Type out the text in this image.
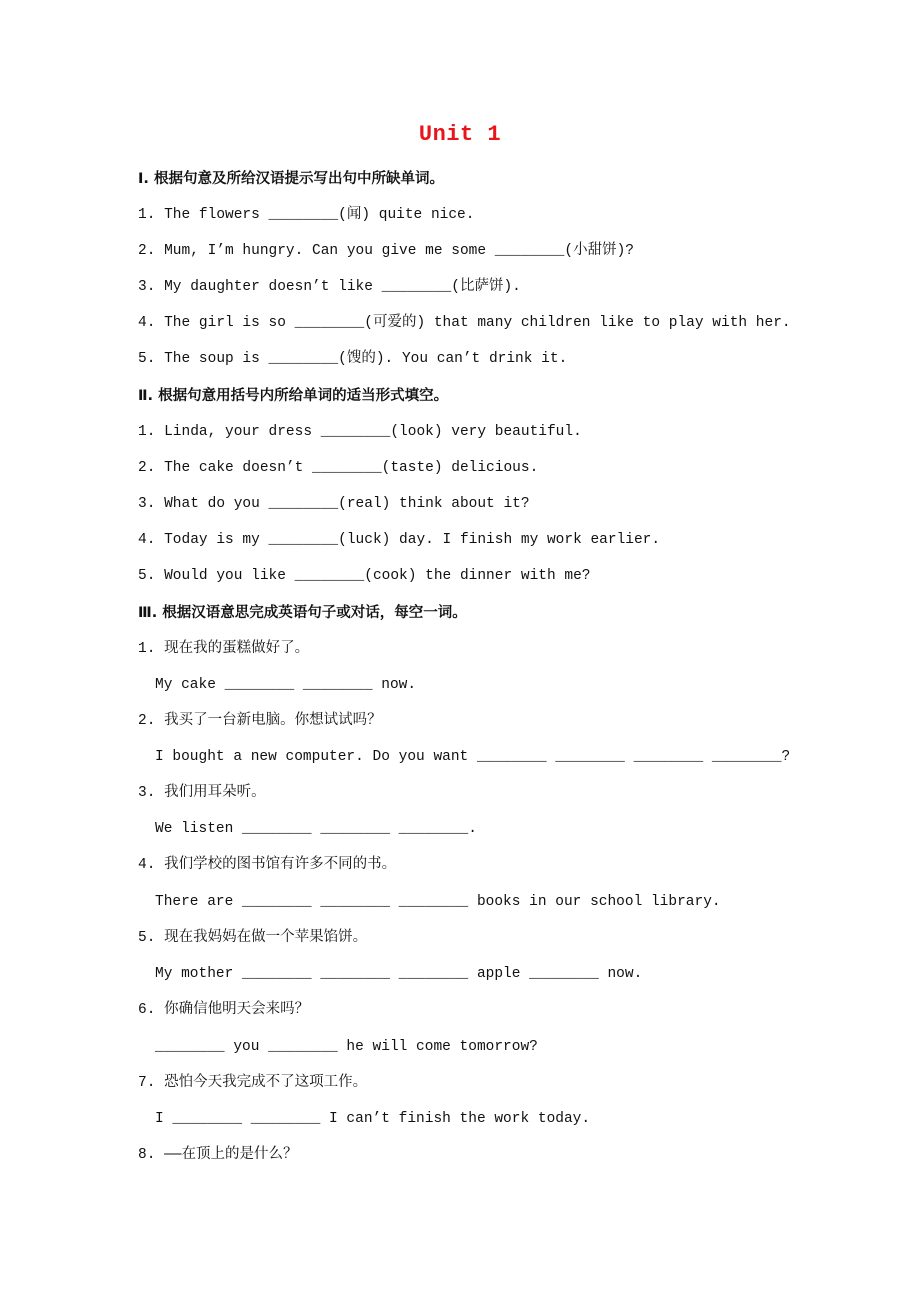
Unit 1
Ⅰ. 根据句意及所给汉语提示写出句中所缺单词。
1. The flowers ________(闻) quite nice.
2. Mum, I’m hungry. Can you give me some ________(小甜饼)?
3. My daughter doesn’t like ________(比萨饼).
4. The girl is so ________(可爱的) that many children like to play with her.
5. The soup is ________(馊的). You can’t drink it.
Ⅱ. 根据句意用括号内所给单词的适当形式填空。
1. Linda, your dress ________(look) very beautiful.
2. The cake doesn’t ________(taste) delicious.
3. What do you ________(real) think about it?
4. Today is my ________(luck) day. I finish my work earlier.
5. Would you like ________(cook) the dinner with me?
Ⅲ. 根据汉语意思完成英语句子或对话，每空一词。
1. 现在我的蛋糕做好了。
My cake ________ ________ now.
2. 我买了一台新电脑。你想试试吗？
I bought a new computer. Do you want ________ ________ ________ ________?
3. 我们用耳朵听。
We listen ________ ________ ________.
4. 我们学校的图书馆有许多不同的书。
There are ________ ________ ________ books in our school library.
5. 现在我妈妈在做一个苹果馅饼。
My mother ________ ________ ________ apple ________ now.
6. 你确信他明天会来吗？
________ you ________ he will come tomorrow?
7. 恐怕今天我完成不了这项工作。
I ________ ________ I can’t finish the work today.
8. ——在顶上的是什么？
